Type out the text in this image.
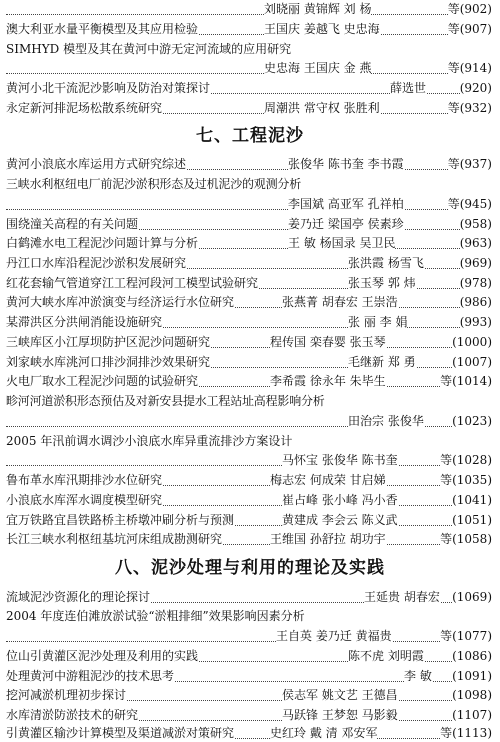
刘晓丽 黄锦辉 刘 杨	等(902)
澳大利亚水量平衡模型及其应用检验	王国庆 姜越飞 史忠海	等(907)
SIMHYD 模型及其在黄河中游无定河流域的应用研究
史忠海 王国庆 金 燕	等(914)
黄河小北干流泥沙影响及防治对策探讨	薛选世	(920)
永定新河排泥场松散系统研究	周潮洪 常守权 张胜利	等(932)
七、工程泥沙
黄河小浪底水库运用方式研究综述	张俊华 陈书奎 李书霞	等(937)
三峡水利枢纽电厂前泥沙淤积形态及过机泥沙的观测分析
李国斌 高亚军 孔祥柏	等(945)
围绕潼关高程的有关问题	姜乃迁 梁国亭 侯素珍	(958)
白鹤滩水电工程泥沙问题计算与分析	王 敏 杨国录 吴卫民	(963)
丹江口水库沿程泥沙淤积发展研究	张洪霞 杨雪飞	(969)
红花套输气管道穿江工程河段河工模型试验研究	张玉琴 郭 炜	(978)
黄河大峡水库冲淤演变与经济运行水位研究	张燕菁 胡春宏 王崇浩	(986)
某滞洪区分洪闸消能设施研究	张 丽 李 娟	(993)
三峡库区小江厚坝防护区泥沙问题研究	程传国 栾春婴 张玉琴	(1000)
刘家峡水库洮河口排沙洞排沙效果研究	毛继新 郑 勇	(1007)
火电厂取水工程泥沙问题的试验研究	李希霞 徐永年 朱毕生	等(1014)
畛河河道淤积形态预估及对新安县提水工程站址高程影响分析
田治宗 张俊华 (1023)
2005 年汛前调水调沙小浪底水库异重流排沙方案设计
马怀宝 张俊华 陈书奎	等(1028)
鲁布革水库汛期排沙水位研究	梅志宏 何成荣 甘启娣	等(1035)
小浪底水库浑水调度模型研究	崔占峰 张小峰 冯小香	(1041)
宜万铁路宜昌铁路桥主桥墩冲刷分析与预测	黄建成 李会云 陈义武	(1051)
长江三峡水利枢纽基坑河床组成勘测研究	王维国 孙舒拉 胡功宇	等(1058)
八、泥沙处理与利用的理论及实践
流域泥沙资源化的理论探讨	王延贵 胡春宏 (1069)
2004 年度连伯滩放淤试验“淤粗排细”效果影响因素分析
王自英 姜乃迁 黄福贵	等(1077)
位山引黄灌区泥沙处理及利用的实践	陈不虎 刘明霞 (1086)
处理黄河中游粗泥沙的技术思考	李 敏 (1091)
挖河减淤机理初步探讨	侯志军 姚文艺 王德昌	(1098)
水库清淤防淤技术的研究	马跃锋 王梦恕 马影毅	(1107)
引黄灌区输沙计算模型及渠道减淤对策研究	史红玲 戴 清 邓安军	等(1113)
